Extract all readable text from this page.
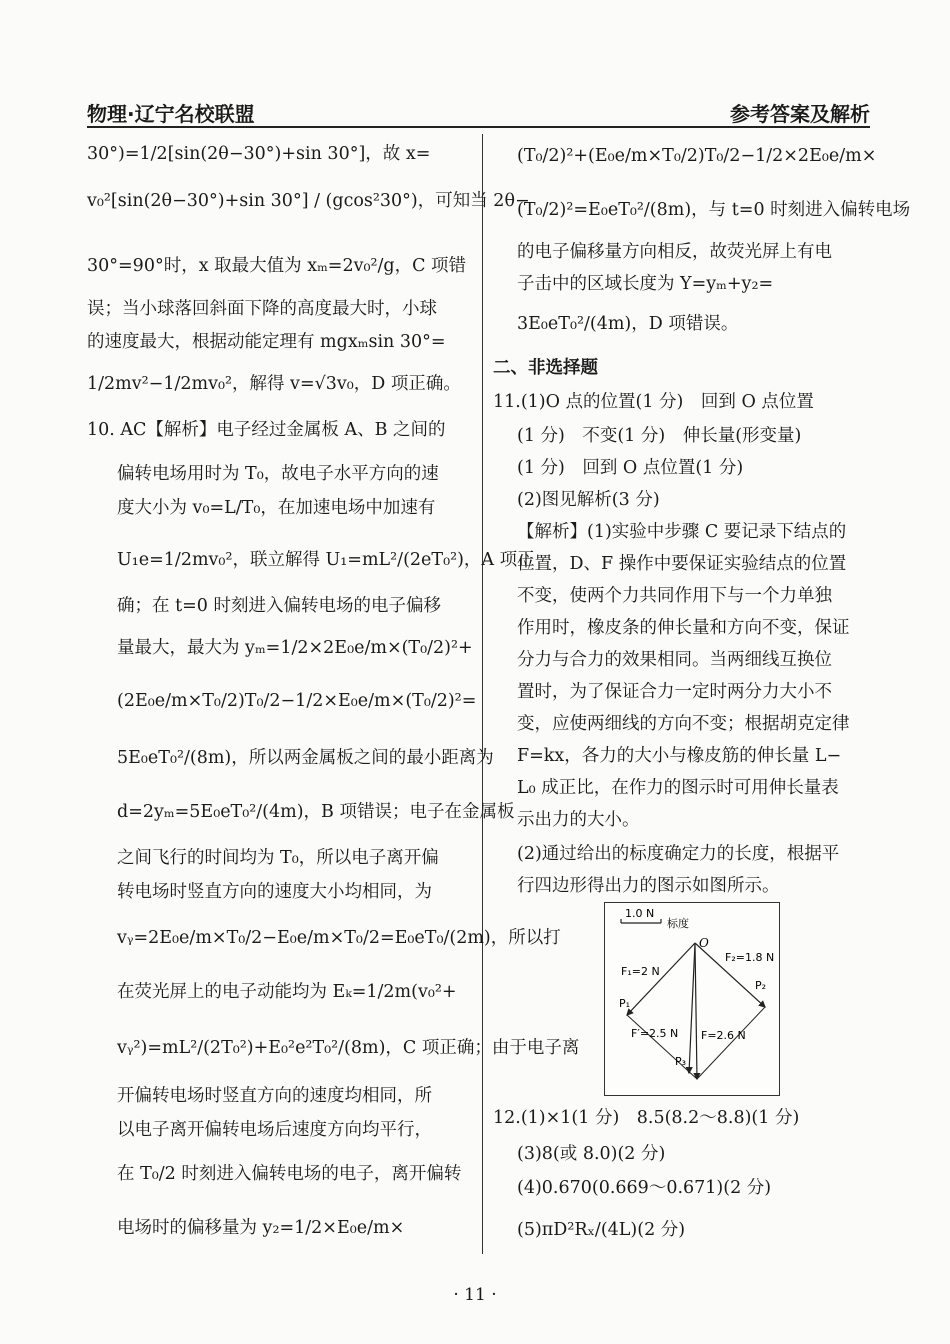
物理·辽宁名校联盟	参考答案及解析
30°)=1/2[sin(2θ−30°)+sin 30°]，故 x=
v₀²[sin(2θ−30°)+sin 30°] / (gcos²30°)，可知当 2θ−
30°=90°时，x 取最大值为 xₘ=2v₀²/g，C 项错
误；当小球落回斜面下降的高度最大时，小球
的速度最大，根据动能定理有 mgxₘsin 30°=
1/2mv²−1/2mv₀²，解得 v=√3v₀，D 项正确。
10. AC【解析】电子经过金属板 A、B 之间的
偏转电场用时为 T₀，故电子水平方向的速
度大小为 v₀=L/T₀，在加速电场中加速有
U₁e=1/2mv₀²，联立解得 U₁=mL²/(2eT₀²)，A 项正
确；在 t=0 时刻进入偏转电场的电子偏移
量最大，最大为 yₘ=1/2×2E₀e/m×(T₀/2)²+
(2E₀e/m×T₀/2)T₀/2−1/2×E₀e/m×(T₀/2)²=
5E₀eT₀²/(8m)，所以两金属板之间的最小距离为
d=2yₘ=5E₀eT₀²/(4m)，B 项错误；电子在金属板
之间飞行的时间均为 T₀，所以电子离开偏
转电场时竖直方向的速度大小均相同，为
vᵧ=2E₀e/m×T₀/2−E₀e/m×T₀/2=E₀eT₀/(2m)，所以打
在荧光屏上的电子动能均为 Eₖ=1/2m(v₀²+
vᵧ²)=mL²/(2T₀²)+E₀²e²T₀²/(8m)，C 项正确；由于电子离
开偏转电场时竖直方向的速度均相同，所
以电子离开偏转电场后速度方向均平行，
在 T₀/2 时刻进入偏转电场的电子，离开偏转
电场时的偏移量为 y₂=1/2×E₀e/m×
(T₀/2)²+(E₀e/m×T₀/2)T₀/2−1/2×2E₀e/m×
(T₀/2)²=E₀eT₀²/(8m)，与 t=0 时刻进入偏转电场
的电子偏移量方向相反，故荧光屏上有电
子击中的区域长度为 Y=yₘ+y₂=
3E₀eT₀²/(4m)，D 项错误。
二、非选择题
11.(1)O 点的位置(1 分)　回到 O 点位置
(1 分)　不变(1 分)　伸长量(形变量)
(1 分)　回到 O 点位置(1 分)
(2)图见解析(3 分)
【解析】(1)实验中步骤 C 要记录下结点的
位置，D、F 操作中要保证实验结点的位置
不变，使两个力共同作用下与一个力单独
作用时，橡皮条的伸长量和方向不变，保证
分力与合力的效果相同。当两细线互换位
置时，为了保证合力一定时两分力大小不
变，应使两细线的方向不变；根据胡克定律
F=kx，各力的大小与橡皮筋的伸长量 L−
L₀ 成正比，在作力的图示时可用伸长量表
示出力的大小。
(2)通过给出的标度确定力的长度，根据平
行四边形得出力的图示如图所示。
12.(1)×1(1 分)　8.5(8.2～8.8)(1 分)
(3)8(或 8.0)(2 分)
(4)0.670(0.669～0.671)(2 分)
(5)πD²Rₓ/(4L)(2 分)
1.0 N
标度
O
F₁=2 N
F₂=1.8 N
F=2.6 N
F′=2.5 N
P₁
P₂
P₃
· 11 ·
